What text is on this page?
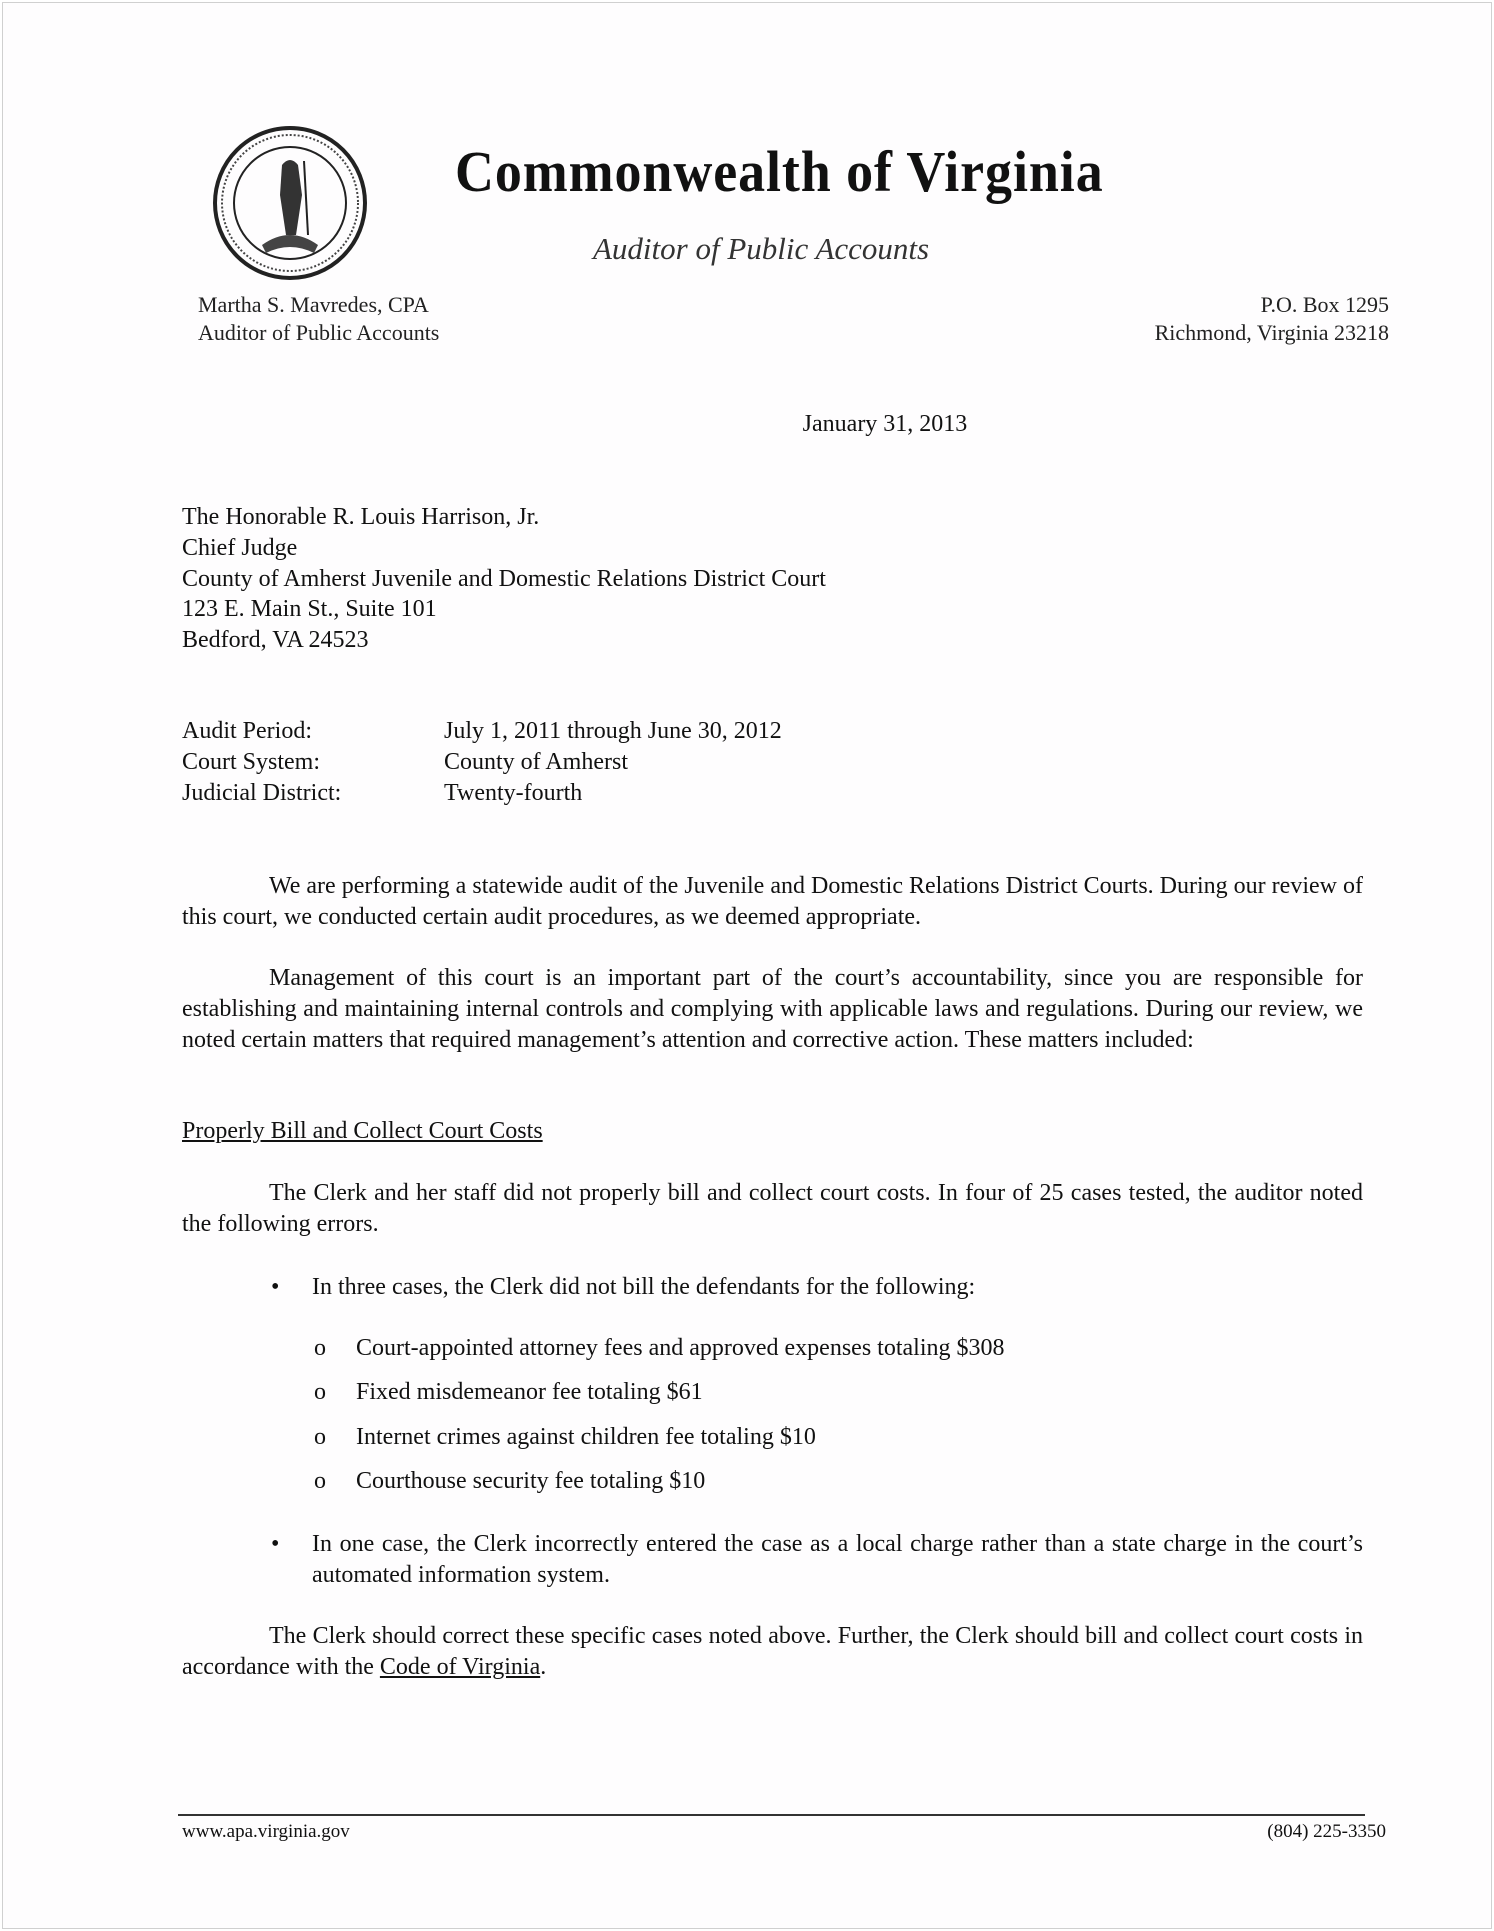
Commonwealth of Virginia
Auditor of Public Accounts
Martha S. Mavredes, CPA
Auditor of Public Accounts
P.O. Box 1295
Richmond, Virginia 23218
January 31, 2013
The Honorable R. Louis Harrison, Jr.
Chief Judge
County of Amherst Juvenile and Domestic Relations District Court
123 E. Main St., Suite 101
Bedford, VA 24523
Audit Period:	July 1, 2011 through June 30, 2012
Court System:	County of Amherst
Judicial District:	Twenty-fourth
We are performing a statewide audit of the Juvenile and Domestic Relations District Courts. During our review of this court, we conducted certain audit procedures, as we deemed appropriate.
Management of this court is an important part of the court’s accountability, since you are responsible for establishing and maintaining internal controls and complying with applicable laws and regulations. During our review, we noted certain matters that required management’s attention and corrective action. These matters included:
Properly Bill and Collect Court Costs
The Clerk and her staff did not properly bill and collect court costs. In four of 25 cases tested, the auditor noted the following errors.
• In three cases, the Clerk did not bill the defendants for the following:
o	Court-appointed attorney fees and approved expenses totaling $308
o	Fixed misdemeanor fee totaling $61
o	Internet crimes against children fee totaling $10
o	Courthouse security fee totaling $10
• In one case, the Clerk incorrectly entered the case as a local charge rather than a state charge in the court’s automated information system.
The Clerk should correct these specific cases noted above. Further, the Clerk should bill and collect court costs in accordance with the Code of Virginia.
www.apa.virginia.gov	(804) 225-3350
